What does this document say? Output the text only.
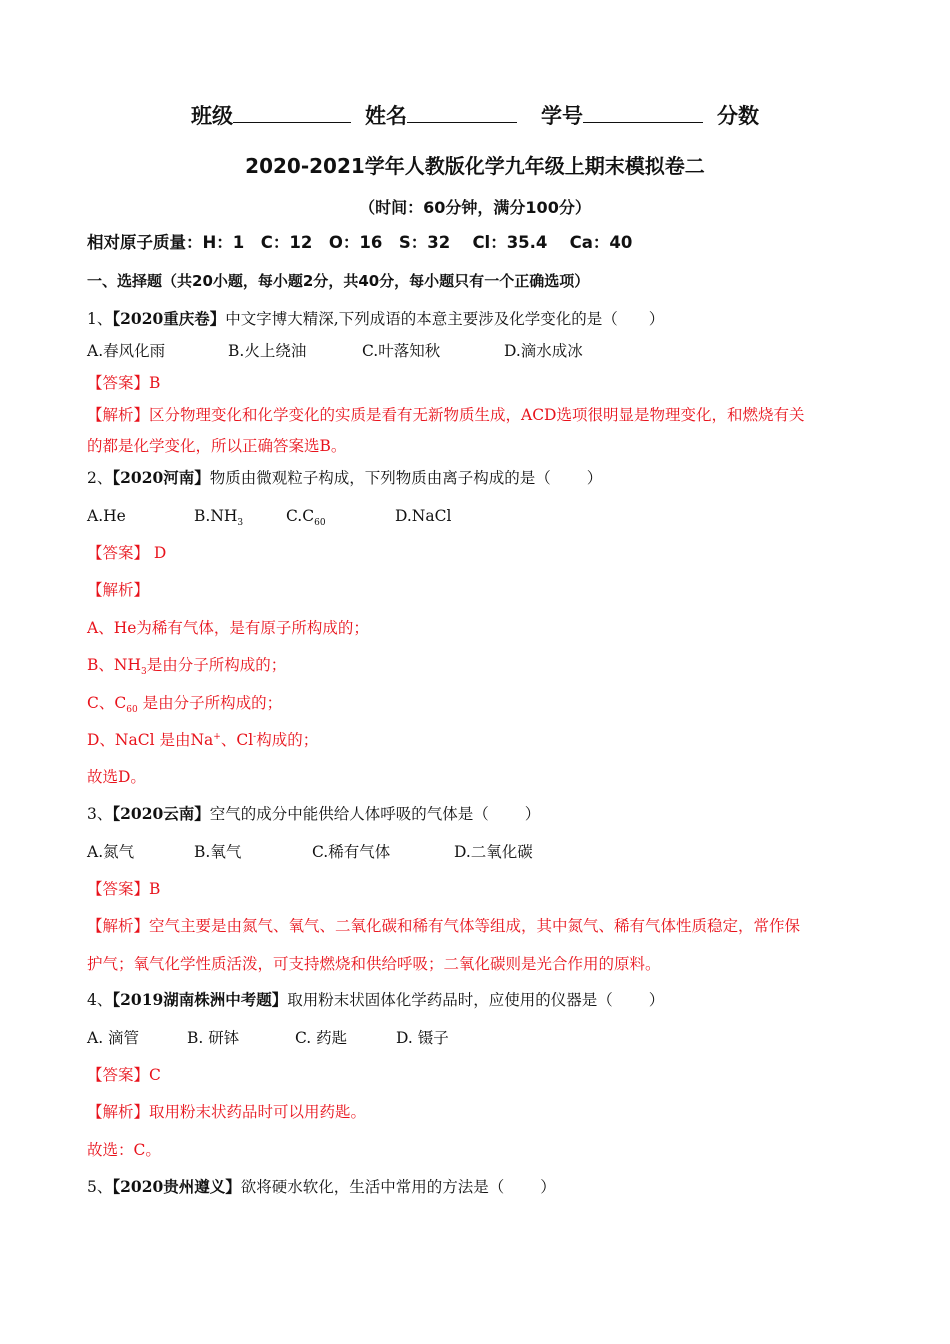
班级	姓名	学号	分数
2020-2021学年人教版化学九年级上期末模拟卷二
（时间：60分钟，满分100分）
相对原子质量：H：1　C：12　O：16　S：32　 Cl：35.4　 Ca：40
一、选择题（共20小题，每小题2分，共40分，每小题只有一个正确选项）
1、【2020重庆卷】中文字博大精深,下列成语的本意主要涉及化学变化的是（　　）
A.春风化雨	B.火上绕油	C.叶落知秋	D.滴水成冰
【答案】B
【解析】区分物理变化和化学变化的实质是看有无新物质生成，ACD选项很明显是物理变化，和燃烧有关
的都是化学变化，所以正确答案选B。
2、【2020河南】物质由微观粒子构成，下列物质由离子构成的是（　　 ）
A.He	$B.NH_3$	$C.C_{60}$	D.NaCl
【答案】 D
【解析】
A、He为稀有气体，是有原子所构成的；
B、$NH_3$是由分子所构成的；
C、$C_{60}$ 是由分子所构成的；
D、NaCl 是由Na+、Cl-构成的；
故选D。
3、【2020云南】空气的成分中能供给人体呼吸的气体是（　　 ）
A.氮气	B.氧气	C.稀有气体	D.二氧化碳
【答案】B
【解析】空气主要是由氮气、氧气、二氧化碳和稀有气体等组成，其中氮气、稀有气体性质稳定，常作保
护气；氧气化学性质活泼，可支持燃烧和供给呼吸；二氧化碳则是光合作用的原料。
4、【2019湖南株洲中考题】取用粉末状固体化学药品时，应使用的仪器是（　　 ）
A. 滴管	B. 研钵	C. 药匙	D. 镊子
【答案】C
【解析】取用粉末状药品时可以用药匙。
故选：C。
5、【2020贵州遵义】欲将硬水软化，生活中常用的方法是（　　 ）
